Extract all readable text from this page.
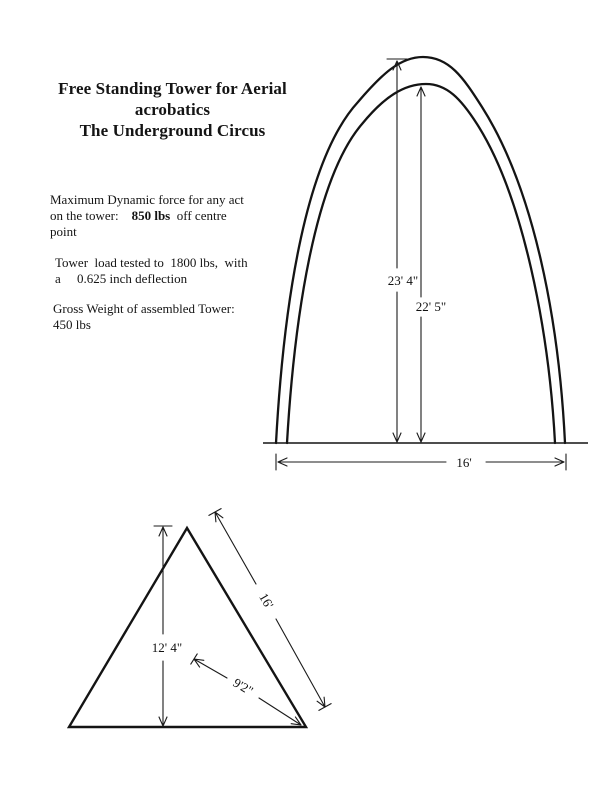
Free Standing Tower for Aerial
acrobatics
The Underground Circus
Maximum Dynamic force for any act
on the tower:    850 lbs  off centre
point
Tower  load tested to  1800 lbs,  with
a     0.625 inch deflection
Gross Weight of assembled Tower:
450 lbs
23' 4"
22' 5"
16'
12' 4"
16'
9'2"
